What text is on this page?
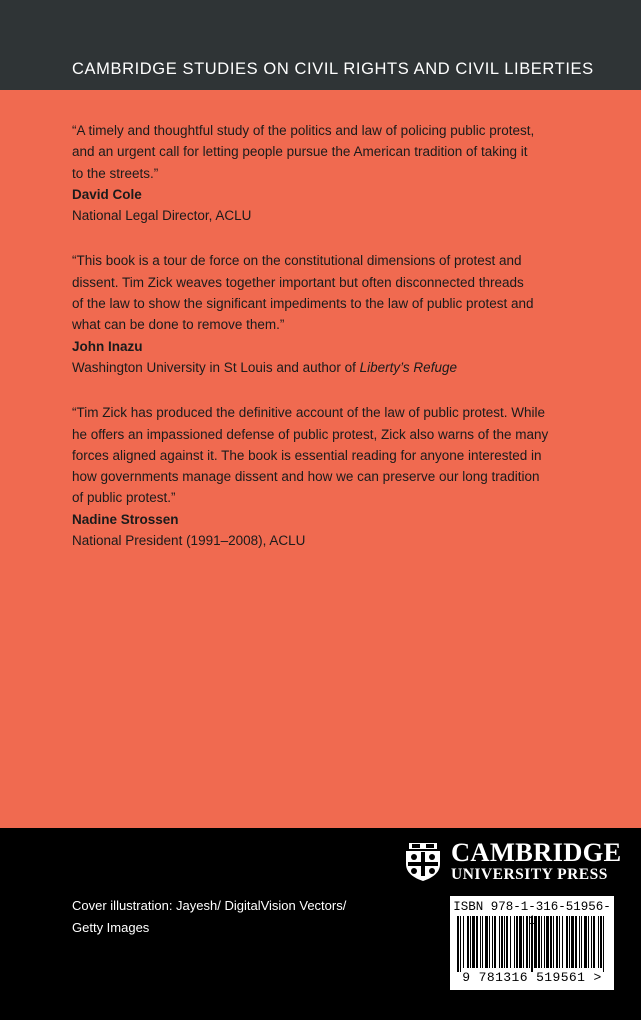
CAMBRIDGE STUDIES ON CIVIL RIGHTS AND CIVIL LIBERTIES
“A timely and thoughtful study of the politics and law of policing public protest,
and an urgent call for letting people pursue the American tradition of taking it
to the streets.”
David Cole
National Legal Director, ACLU
“This book is a tour de force on the constitutional dimensions of protest and
dissent. Tim Zick weaves together important but often disconnected threads
of the law to show the significant impediments to the law of public protest and
what can be done to remove them.”
John Inazu
Washington University in St Louis and author of Liberty’s Refuge
“Tim Zick has produced the definitive account of the law of public protest. While
he offers an impassioned defense of public protest, Zick also warns of the many
forces aligned against it. The book is essential reading for anyone interested in
how governments manage dissent and how we can preserve our long tradition
of public protest.”
Nadine Strossen
National President (1991–2008), ACLU
CAMBRIDGE
UNIVERSITY PRESS
Cover illustration: Jayesh/ DigitalVision Vectors/
Getty Images
ISBN 978-1-316-51956-
9 781316 519561 >
